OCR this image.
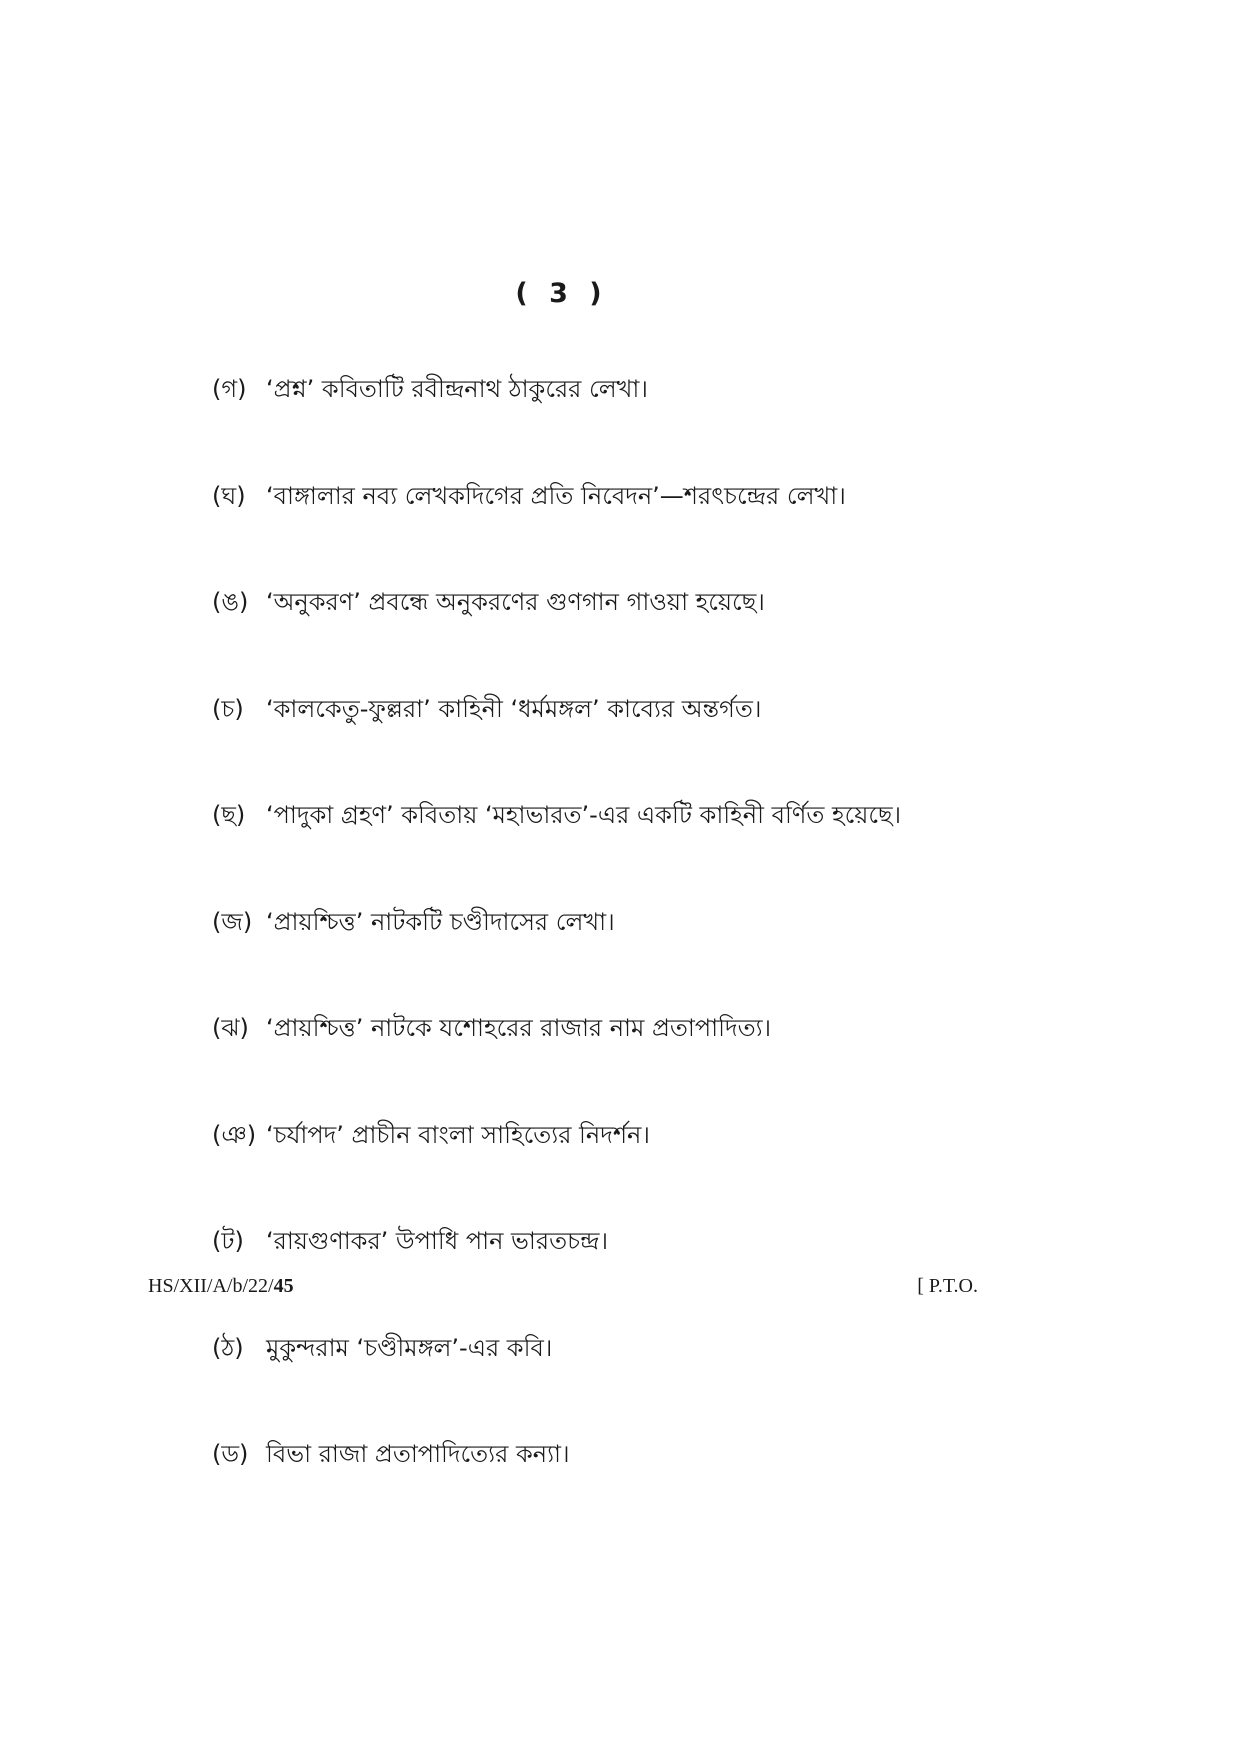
( 3 )
(গ) ‘প্রশ্ন’ কবিতাটি রবীন্দ্রনাথ ঠাকুরের লেখা।
(ঘ) ‘বাঙ্গালার নব্য লেখকদিগের প্রতি নিবেদন’—শরৎচন্দ্রের লেখা।
(ঙ) ‘অনুকরণ’ প্রবন্ধে অনুকরণের গুণগান গাওয়া হয়েছে।
(চ) ‘কালকেতু-ফুল্লরা’ কাহিনী ‘ধর্মমঙ্গল’ কাব্যের অন্তর্গত।
(ছ) ‘পাদুকা গ্রহণ’ কবিতায় ‘মহাভারত’-এর একটি কাহিনী বর্ণিত হয়েছে।
(জ) ‘প্রায়শ্চিত্ত’ নাটকটি চণ্ডীদাসের লেখা।
(ঝ) ‘প্রায়শ্চিত্ত’ নাটকে যশোহরের রাজার নাম প্রতাপাদিত্য।
(ঞ) ‘চর্যাপদ’ প্রাচীন বাংলা সাহিত্যের নিদর্শন।
(ট) ‘রায়গুণাকর’ উপাধি পান ভারতচন্দ্র।
(ঠ) মুকুন্দরাম ‘চণ্ডীমঙ্গল’-এর কবি।
(ড) বিভা রাজা প্রতাপাদিত্যের কন্যা।
HS/XII/A/b/22/45	[ P.T.O.
